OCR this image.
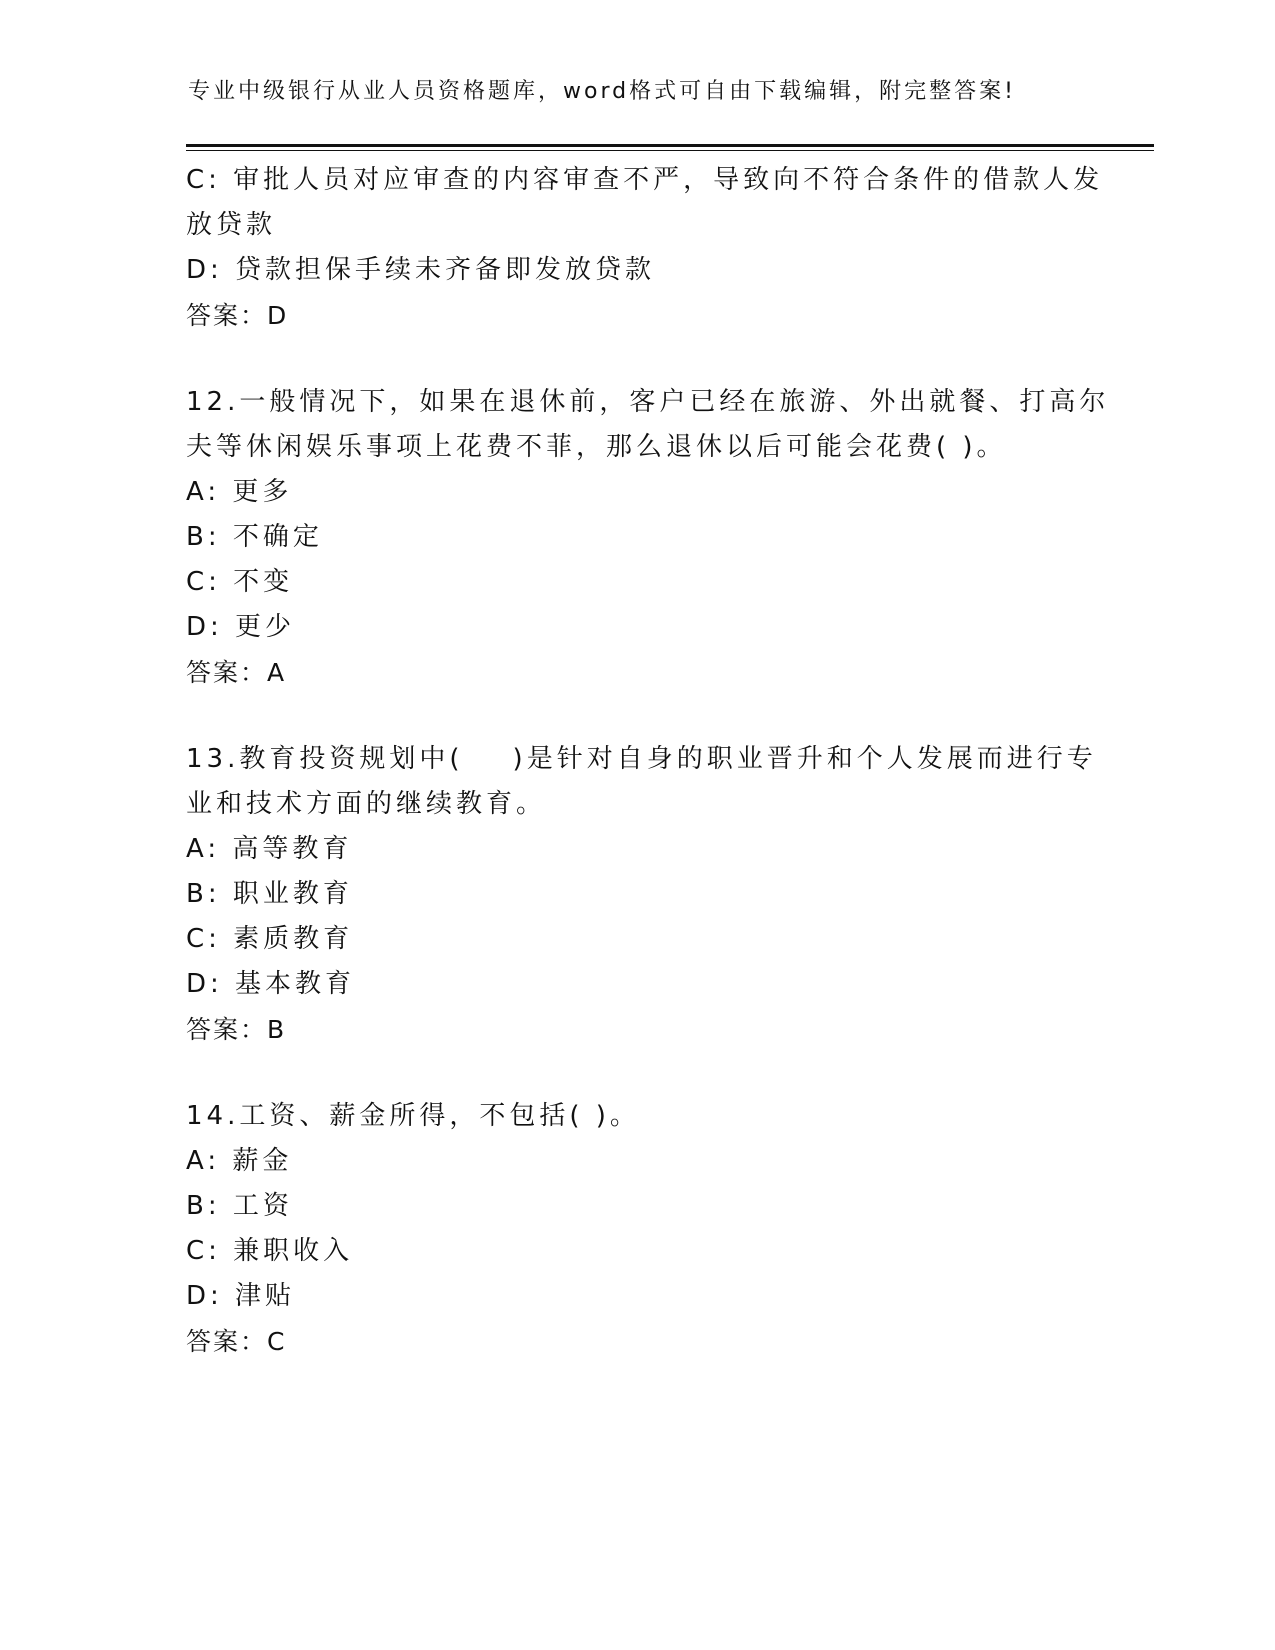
专业中级银行从业人员资格题库，word格式可自由下载编辑，附完整答案!
C: 审批人员对应审查的内容审查不严，导致向不符合条件的借款人发
放贷款
D: 贷款担保手续未齐备即发放贷款
答案：D
12.一般情况下，如果在退休前，客户已经在旅游、外出就餐、打高尔
夫等休闲娱乐事项上花费不菲，那么退休以后可能会花费( )。
A: 更多
B: 不确定
C: 不变
D: 更少
答案：A
13.教育投资规划中(    )是针对自身的职业晋升和个人发展而进行专
业和技术方面的继续教育。
A: 高等教育
B: 职业教育
C: 素质教育
D: 基本教育
答案：B
14.工资、薪金所得，不包括( )。
A: 薪金
B: 工资
C: 兼职收入
D: 津贴
答案：C
